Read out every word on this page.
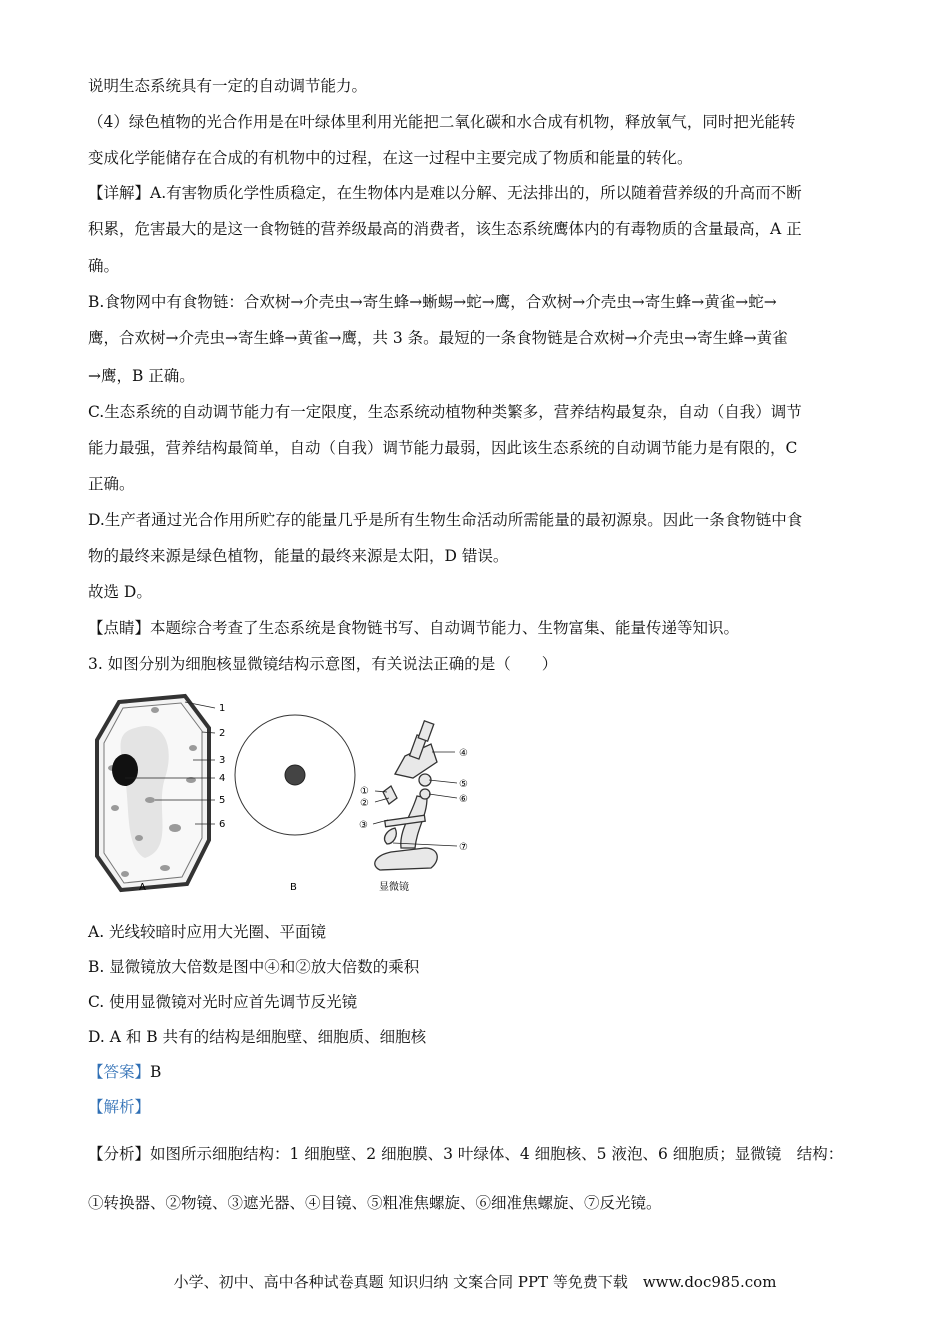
说明生态系统具有一定的自动调节能力。
（4）绿色植物的光合作用是在叶绿体里利用光能把二氧化碳和水合成有机物，释放氧气，同时把光能转
变成化学能储存在合成的有机物中的过程，在这一过程中主要完成了物质和能量的转化。
【详解】A.有害物质化学性质稳定，在生物体内是难以分解、无法排出的，所以随着营养级的升高而不断
积累，危害最大的是这一食物链的营养级最高的消费者，该生态系统鹰体内的有毒物质的含量最高，A 正
确。
B.食物网中有食物链：合欢树→介壳虫→寄生蜂→蜥蜴→蛇→鹰，合欢树→介壳虫→寄生蜂→黄雀→蛇→
鹰，合欢树→介壳虫→寄生蜂→黄雀→鹰，共 3 条。最短的一条食物链是合欢树→介壳虫→寄生蜂→黄雀
→鹰，B 正确。
C.生态系统的自动调节能力有一定限度，生态系统动植物种类繁多，营养结构最复杂，自动（自我）调节
能力最强，营养结构最简单，自动（自我）调节能力最弱，因此该生态系统的自动调节能力是有限的，C
正确。
D.生产者通过光合作用所贮存的能量几乎是所有生物生命活动所需能量的最初源泉。因此一条食物链中食
物的最终来源是绿色植物，能量的最终来源是太阳，D 错误。
故选 D。
【点睛】本题综合考查了生态系统是食物链书写、自动调节能力、生物富集、能量传递等知识。
3. 如图分别为细胞核显微镜结构示意图，有关说法正确的是（　　）
1
2
3
4
5
6
A	B
①
②
③
④
⑤
⑥
⑦
显微镜
A. 光线较暗时应用大光圈、平面镜
B. 显微镜放大倍数是图中④和②放大倍数的乘积
C. 使用显微镜对光时应首先调节反光镜
D. A 和 B 共有的结构是细胞壁、细胞质、细胞核
【答案】B
【解析】
【分析】如图所示细胞结构：1 细胞壁、2 细胞膜、3 叶绿体、4 细胞核、5 液泡、6 细胞质；显微镜　结构：
①转换器、②物镜、③遮光器、④目镜、⑤粗准焦螺旋、⑥细准焦螺旋、⑦反光镜。
小学、初中、高中各种试卷真题 知识归纳 文案合同 PPT 等免费下载　www.doc985.com
